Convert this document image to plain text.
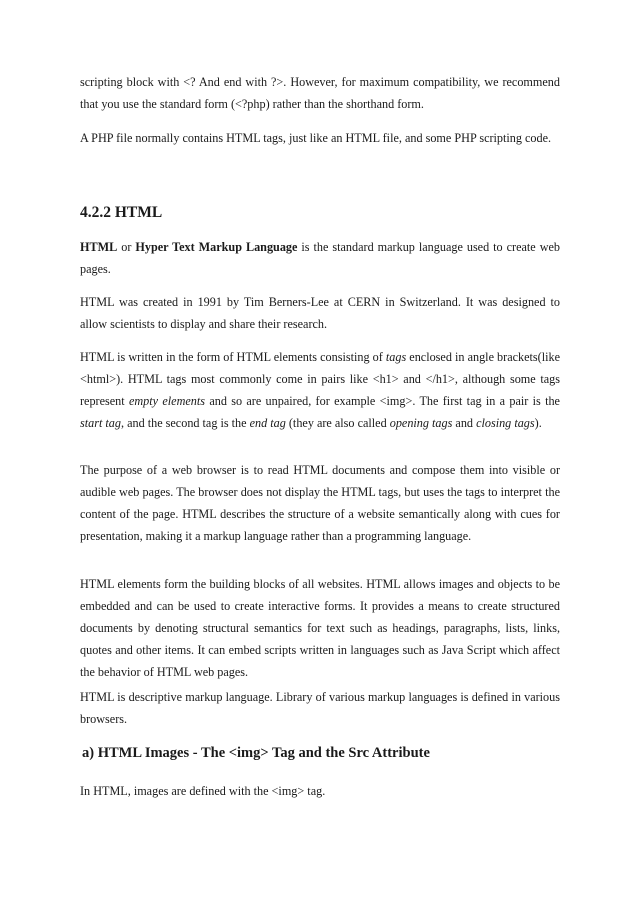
scripting block with <? And end with ?>. However, for maximum compatibility, we recommend that you use the standard form (<?php) rather than the shorthand form.

A PHP file normally contains HTML tags, just like an HTML file, and some PHP scripting code.

4.2.2 HTML

HTML or Hyper Text Markup Language is the standard markup language used to create web pages.

HTML was created in 1991 by Tim Berners-Lee at CERN in Switzerland. It was designed to allow scientists to display and share their research.

HTML is written in the form of HTML elements consisting of tags enclosed in angle brackets(like <html>). HTML tags most commonly come in pairs like <h1> and </h1>, although some tags represent empty elements and so are unpaired, for example <img>. The first tag in a pair is the start tag, and the second tag is the end tag (they are also called opening tags and closing tags).

The purpose of a web browser is to read HTML documents and compose them into visible or audible web pages. The browser does not display the HTML tags, but uses the tags to interpret the content of the page. HTML describes the structure of a website semantically along with cues for presentation, making it a markup language rather than a programming language.

HTML elements form the building blocks of all websites. HTML allows images and objects to be embedded and can be used to create interactive forms. It provides a means to create structured documents by denoting structural semantics for text such as headings, paragraphs, lists, links, quotes and other items. It can embed scripts written in languages such as Java Script which affect the behavior of HTML web pages.

HTML is descriptive markup language. Library of various markup languages is defined in various browsers.

a) HTML Images - The <img> Tag and the Src Attribute

In HTML, images are defined with the <img> tag.
